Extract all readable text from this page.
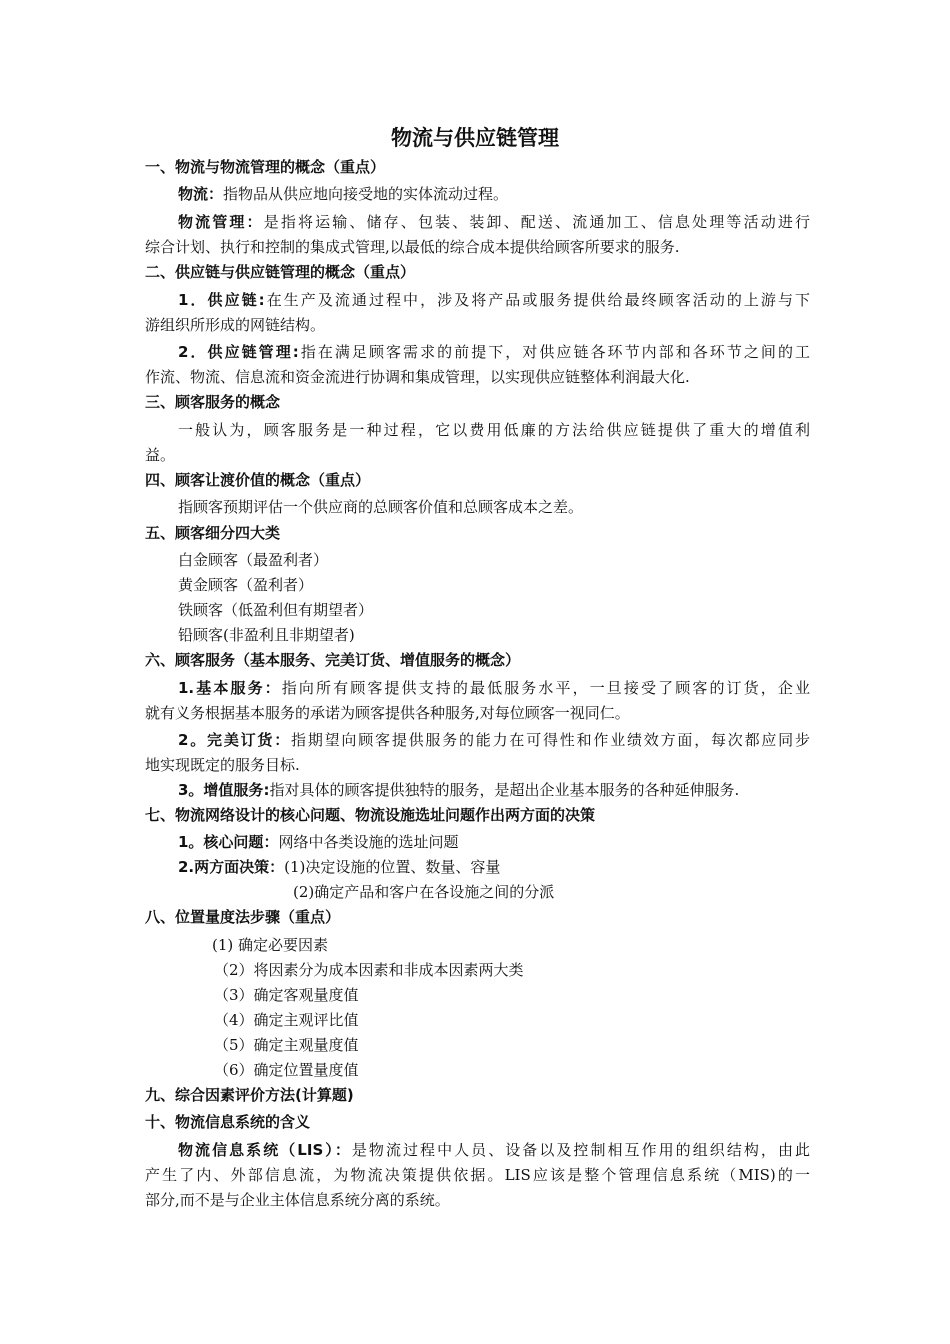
物流与供应链管理
一、物流与物流管理的概念（重点）
物流：指物品从供应地向接受地的实体流动过程。
物流管理：是指将运输、储存、包装、装卸、配送、流通加工、信息处理等活动进行
综合计划、执行和控制的集成式管理,以最低的综合成本提供给顾客所要求的服务.
二、供应链与供应链管理的概念（重点）
1．供应链:在生产及流通过程中，涉及将产品或服务提供给最终顾客活动的上游与下
游组织所形成的网链结构。
2．供应链管理:指在满足顾客需求的前提下，对供应链各环节内部和各环节之间的工
作流、物流、信息流和资金流进行协调和集成管理，以实现供应链整体利润最大化.
三、顾客服务的概念
一般认为，顾客服务是一种过程，它以费用低廉的方法给供应链提供了重大的增值利
益。
四、顾客让渡价值的概念（重点）
指顾客预期评估一个供应商的总顾客价值和总顾客成本之差。
五、顾客细分四大类
白金顾客（最盈利者）
黄金顾客（盈利者）
铁顾客（低盈利但有期望者）
铅顾客(非盈利且非期望者)
六、顾客服务（基本服务、完美订货、增值服务的概念）
1.基本服务：指向所有顾客提供支持的最低服务水平，一旦接受了顾客的订货，企业
就有义务根据基本服务的承诺为顾客提供各种服务,对每位顾客一视同仁。
2。完美订货：指期望向顾客提供服务的能力在可得性和作业绩效方面，每次都应同步
地实现既定的服务目标.
3。增值服务:指对具体的顾客提供独特的服务，是超出企业基本服务的各种延伸服务.
七、物流网络设计的核心问题、物流设施选址问题作出两方面的决策
1。核心问题：网络中各类设施的选址问题
2.两方面决策：(1)决定设施的位置、数量、容量
(2)确定产品和客户在各设施之间的分派
八、位置量度法步骤（重点）
(1) 确定必要因素
（2）将因素分为成本因素和非成本因素两大类
（3）确定客观量度值
（4）确定主观评比值
（5）确定主观量度值
（6）确定位置量度值
九、综合因素评价方法(计算题)
十、物流信息系统的含义
物流信息系统（LIS）：是物流过程中人员、设备以及控制相互作用的组织结构，由此
产生了内、外部信息流，为物流决策提供依据。LIS应该是整个管理信息系统（MIS)的一
部分,而不是与企业主体信息系统分离的系统。
